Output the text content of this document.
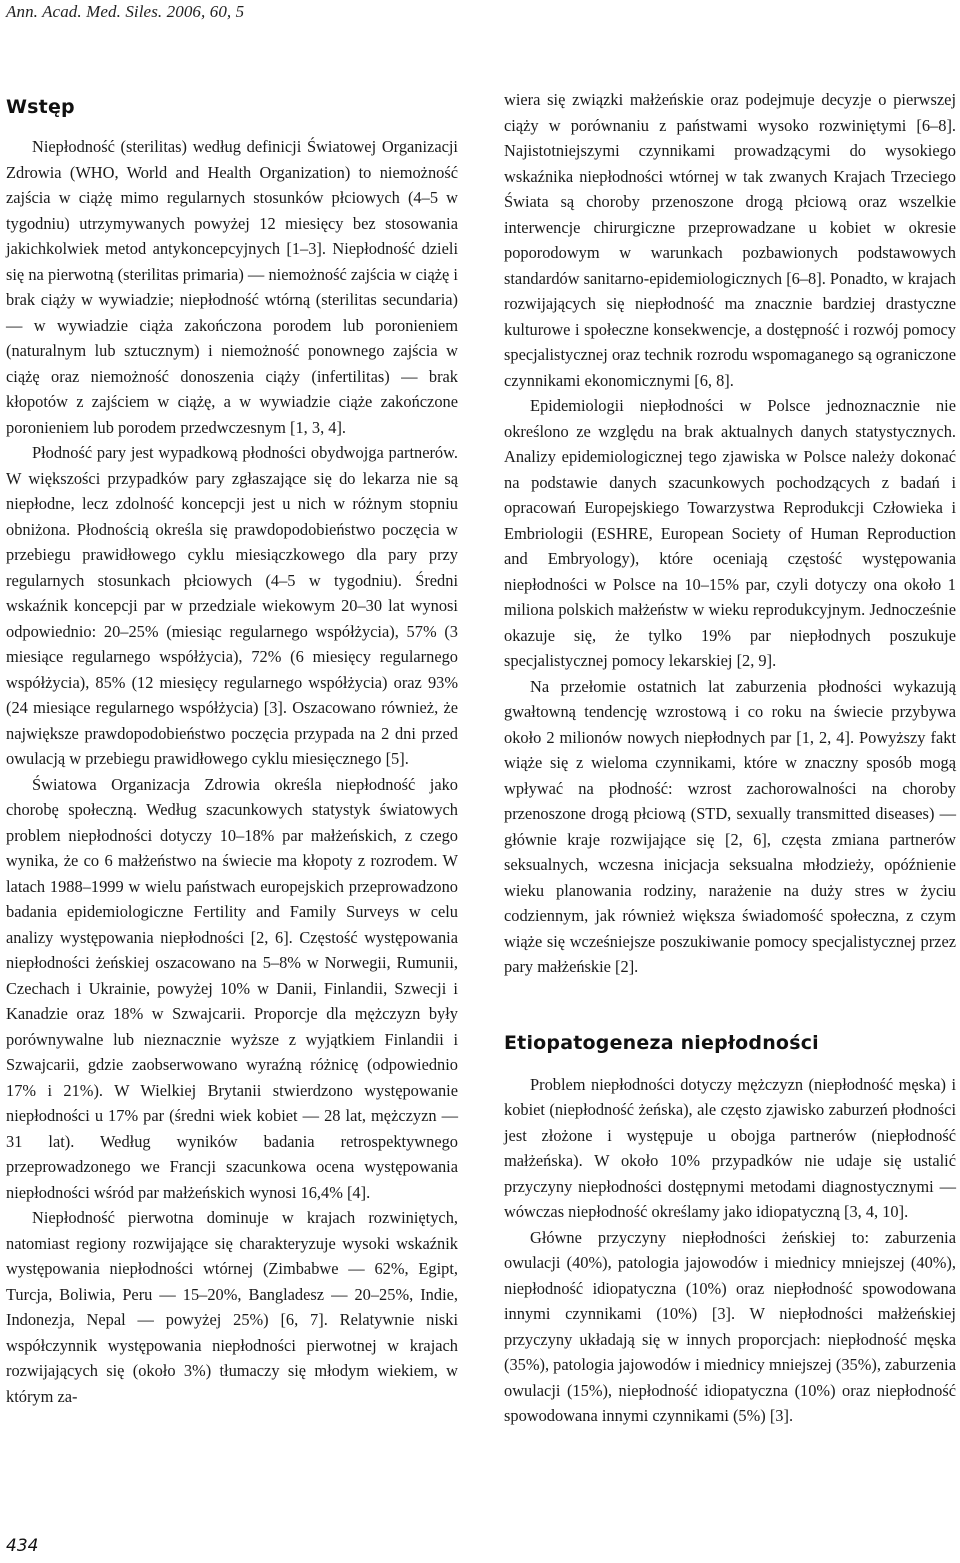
Ann. Acad. Med. Siles. 2006, 60, 5
Wstęp

Niepłodność (sterilitas) według definicji Światowej Organizacji Zdrowia (WHO, World and Health Organization) to niemożność zajścia w ciążę mimo regularnych stosunków płciowych (4–5 w tygodniu) utrzymywanych powyżej 12 miesięcy bez stosowania jakichkolwiek metod antykoncepcyjnych [1–3]. Niepłodność dzieli się na pierwotną (sterilitas primaria) — niemożność zajścia w ciążę i brak ciąży w wywiadzie; niepłodność wtórną (sterilitas secundaria) — w wywiadzie ciąża zakończona porodem lub poronieniem (naturalnym lub sztucznym) i niemożność ponownego zajścia w ciążę oraz niemożność donoszenia ciąży (infertilitas) — brak kłopotów z zajściem w ciążę, a w wywiadzie ciąże zakończone poronieniem lub porodem przedwczesnym [1, 3, 4].

Płodność pary jest wypadkową płodności obydwojga partnerów. W większości przypadków pary zgłaszające się do lekarza nie są niepłodne, lecz zdolność koncepcji jest u nich w różnym stopniu obniżona. Płodnością określa się prawdopodobieństwo poczęcia w przebiegu prawidłowego cyklu miesiączkowego dla pary przy regularnych stosunkach płciowych (4–5 w tygodniu). Średni wskaźnik koncepcji par w przedziale wiekowym 20–30 lat wynosi odpowiednio: 20–25% (miesiąc regularnego współżycia), 57% (3 miesiące regularnego współżycia), 72% (6 miesięcy regularnego współżycia), 85% (12 miesięcy regularnego współżycia) oraz 93% (24 miesiące regularnego współżycia) [3]. Oszacowano również, że największe prawdopodobieństwo poczęcia przypada na 2 dni przed owulacją w przebiegu prawidłowego cyklu miesięcznego [5].

Światowa Organizacja Zdrowia określa niepłodność jako chorobę społeczną. Według szacunkowych statystyk światowych problem niepłodności dotyczy 10–18% par małżeńskich, z czego wynika, że co 6 małżeństwo na świecie ma kłopoty z rozrodem. W latach 1988–1999 w wielu państwach europejskich przeprowadzono badania epidemiologiczne Fertility and Family Surveys w celu analizy występowania niepłodności [2, 6]. Częstość występowania niepłodności żeńskiej oszacowano na 5–8% w Norwegii, Rumunii, Czechach i Ukrainie, powyżej 10% w Danii, Finlandii, Szwecji i Kanadzie oraz 18% w Szwajcarii. Proporcje dla mężczyzn były porównywalne lub nieznacznie wyższe z wyjątkiem Finlandii i Szwajcarii, gdzie zaobserwowano wyraźną różnicę (odpowiednio 17% i 21%). W Wielkiej Brytanii stwierdzono występowanie niepłodności u 17% par (średni wiek kobiet — 28 lat, mężczyzn — 31 lat). Według wyników badania retrospektywnego przeprowadzonego we Francji szacunkowa ocena występowania niepłodności wśród par małżeńskich wynosi 16,4% [4].

Niepłodność pierwotna dominuje w krajach rozwiniętych, natomiast regiony rozwijające się charakteryzuje wysoki wskaźnik występowania niepłodności wtórnej (Zimbabwe — 62%, Egipt, Turcja, Boliwia, Peru — 15–20%, Bangladesz — 20–25%, Indie, Indonezja, Nepal — powyżej 25%) [6, 7]. Relatywnie niski współczynnik występowania niepłodności pierwotnej w krajach rozwijających się (około 3%) tłumaczy się młodym wiekiem, w którym za-

wiera się związki małżeńskie oraz podejmuje decyzje o pierwszej ciąży w porównaniu z państwami wysoko rozwiniętymi [6–8]. Najistotniejszymi czynnikami prowadzącymi do wysokiego wskaźnika niepłodności wtórnej w tak zwanych Krajach Trzeciego Świata są choroby przenoszone drogą płciową oraz wszelkie interwencje chirurgiczne przeprowadzane u kobiet w okresie poporodowym w warunkach pozbawionych podstawowych standardów sanitarno-epidemiologicznych [6–8]. Ponadto, w krajach rozwijających się niepłodność ma znacznie bardziej drastyczne kulturowe i społeczne konsekwencje, a dostępność i rozwój pomocy specjalistycznej oraz technik rozrodu wspomaganego są ograniczone czynnikami ekonomicznymi [6, 8].

Epidemiologii niepłodności w Polsce jednoznacznie nie określono ze względu na brak aktualnych danych statystycznych. Analizy epidemiologicznej tego zjawiska w Polsce należy dokonać na podstawie danych szacunkowych pochodzących z badań i opracowań Europejskiego Towarzystwa Reprodukcji Człowieka i Embriologii (ESHRE, European Society of Human Reproduction and Embryology), które oceniają częstość występowania niepłodności w Polsce na 10–15% par, czyli dotyczy ona około 1 miliona polskich małżeństw w wieku reprodukcyjnym. Jednocześnie okazuje się, że tylko 19% par niepłodnych poszukuje specjalistycznej pomocy lekarskiej [2, 9].

Na przełomie ostatnich lat zaburzenia płodności wykazują gwałtowną tendencję wzrostową i co roku na świecie przybywa około 2 milionów nowych niepłodnych par [1, 2, 4]. Powyższy fakt wiąże się z wieloma czynnikami, które w znaczny sposób mogą wpływać na płodność: wzrost zachorowalności na choroby przenoszone drogą płciową (STD, sexually transmitted diseases) — głównie kraje rozwijające się [2, 6], częsta zmiana partnerów seksualnych, wczesna inicjacja seksualna młodzieży, opóźnienie wieku planowania rodziny, narażenie na duży stres w życiu codziennym, jak również większa świadomość społeczna, z czym wiąże się wcześniejsze poszukiwanie pomocy specjalistycznej przez pary małżeńskie [2].

Etiopatogeneza niepłodności

Problem niepłodności dotyczy mężczyzn (niepłodność męska) i kobiet (niepłodność żeńska), ale często zjawisko zaburzeń płodności jest złożone i występuje u obojga partnerów (niepłodność małżeńska). W około 10% przypadków nie udaje się ustalić przyczyny niepłodności dostępnymi metodami diagnostycznymi — wówczas niepłodność określamy jako idiopatyczną [3, 4, 10].

Główne przyczyny niepłodności żeńskiej to: zaburzenia owulacji (40%), patologia jajowodów i miednicy mniejszej (40%), niepłodność idiopatyczna (10%) oraz niepłodność spowodowana innymi czynnikami (10%) [3]. W niepłodności małżeńskiej przyczyny układają się w innych proporcjach: niepłodność męska (35%), patologia jajowodów i miednicy mniejszej (35%), zaburzenia owulacji (15%), niepłodność idiopatyczna (10%) oraz niepłodność spowodowana innymi czynnikami (5%) [3].

434
